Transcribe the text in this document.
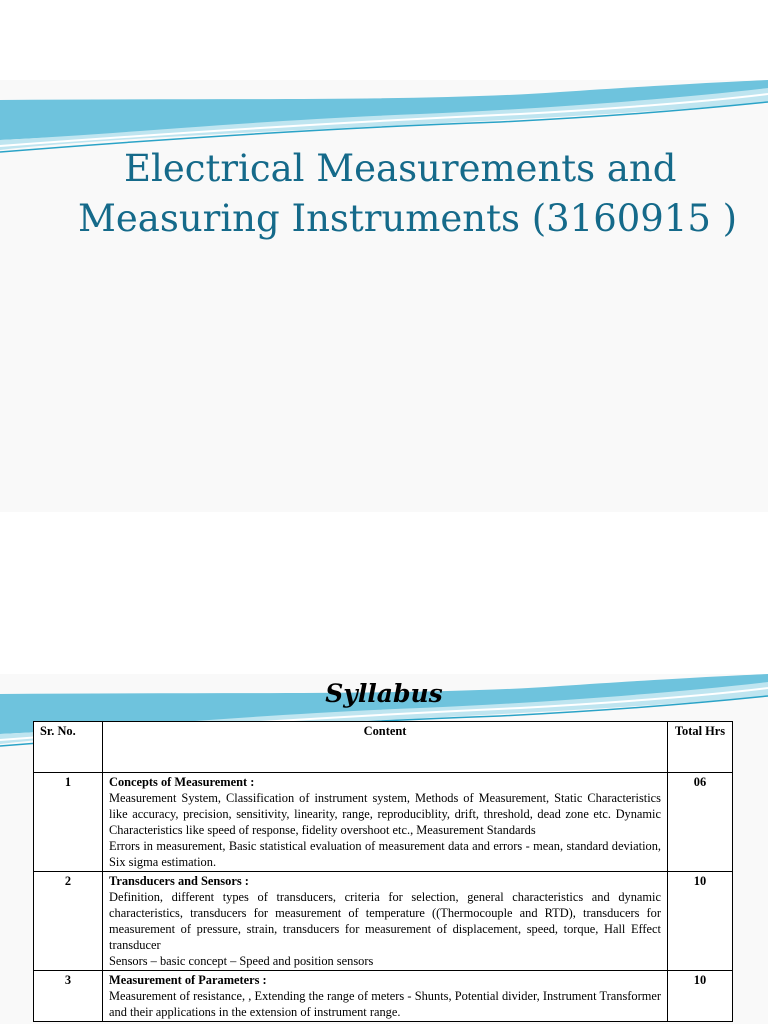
Electrical Measurements and
Measuring Instruments (3160915 )
Syllabus
Sr. No.	Content	Total Hrs
1	Concepts of Measurement :
Measurement System, Classification of instrument system, Methods of Measurement, Static Characteristics like accuracy, precision, sensitivity, linearity, range, reproduciblity, drift, threshold, dead zone etc. Dynamic Characteristics like speed of response, fidelity overshoot etc., Measurement Standards
Errors in measurement, Basic statistical evaluation of measurement data and errors - mean, standard deviation, Six sigma estimation.	06
2	Transducers and Sensors :
Definition, different types of transducers, criteria for selection, general characteristics and dynamic characteristics, transducers for measurement of temperature ((Thermocouple and RTD), transducers for measurement of pressure, strain, transducers for measurement of displacement, speed, torque, Hall Effect transducer
Sensors – basic concept – Speed and position sensors	10
3	Measurement of Parameters :
Measurement of resistance, , Extending the range of meters - Shunts, Potential divider, Instrument Transformer and their applications in the extension of instrument range.	10
